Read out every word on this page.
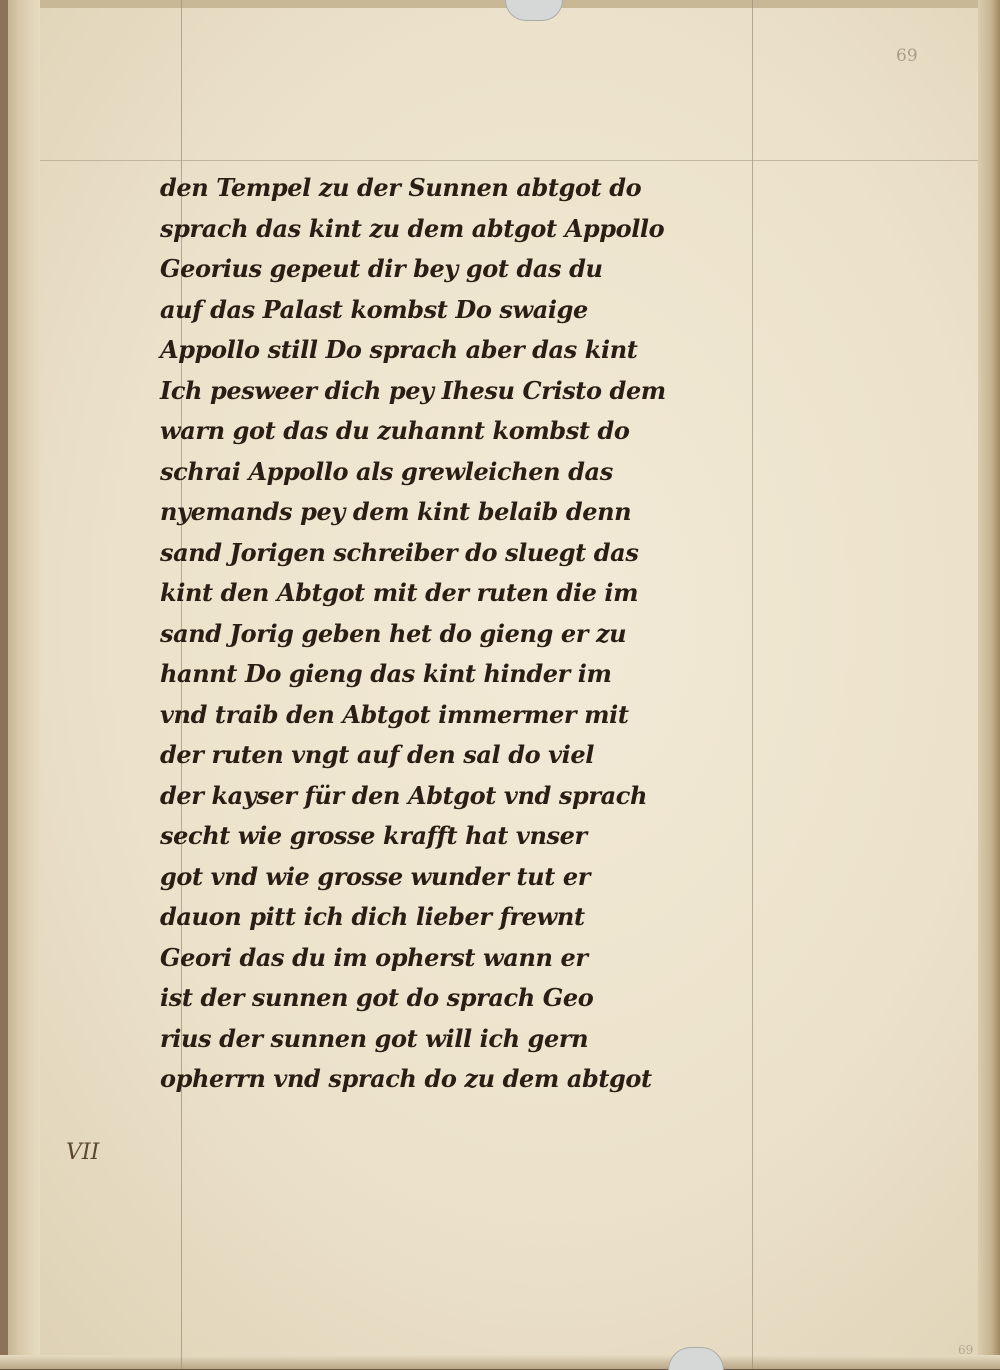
69
69
VII
den Tempel zu der Sunnen abtgot do
sprach das kint zu dem abtgot Appollo
Georius gepeut dir bey got das du
auf das Palast kombst Do swaige
Appollo still Do sprach aber das kint
Ich pesweer dich pey Ihesu Cristo dem
warn got das du zuhannt kombst do
schrai Appollo als grewleichen das
nyemands pey dem kint belaib denn
sand Jorigen schreiber do sluegt das
kint den Abtgot mit der ruten die im
sand Jorig geben het do gieng er zu
hannt Do gieng das kint hinder im
vnd traib den Abtgot immermer mit
der ruten vngt auf den sal do viel
der kayser für den Abtgot vnd sprach
secht wie grosse krafft hat vnser
got vnd wie grosse wunder tut er
dauon pitt ich dich lieber frewnt
Geori das du im opherst wann er
ist der sunnen got do sprach Geo
rius der sunnen got will ich gern
opherrn vnd sprach do zu dem abtgot
